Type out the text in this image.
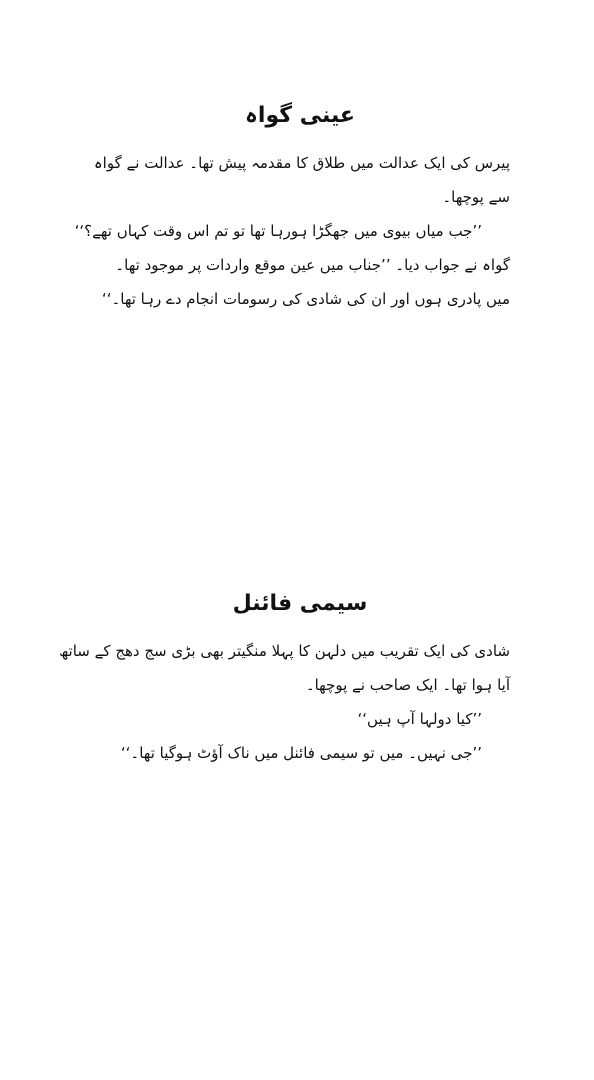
عینی گواہ
پیرس کی ایک عدالت میں طلاق کا مقدمہ پیش تھا۔ عدالت نے گواہ
سے پوچھا۔
’’جب میاں بیوی میں جھگڑا ہورہا تھا تو تم اس وقت کہاں تھے؟‘‘
گواہ نے جواب دیا۔ ’’جناب میں عین موقع واردات پر موجود تھا۔
میں پادری ہوں اور ان کی شادی کی رسومات انجام دے رہا تھا۔‘‘
سیمی فائنل
شادی کی ایک تقریب میں دلہن کا پہلا منگیتر بھی بڑی سج دھج کے ساتھ
آیا ہوا تھا۔ ایک صاحب نے پوچھا۔
’’کیا دولہا آپ ہیں‘‘
’’جی نہیں۔ میں تو سیمی فائنل میں ناک آؤٹ ہوگیا تھا۔‘‘
